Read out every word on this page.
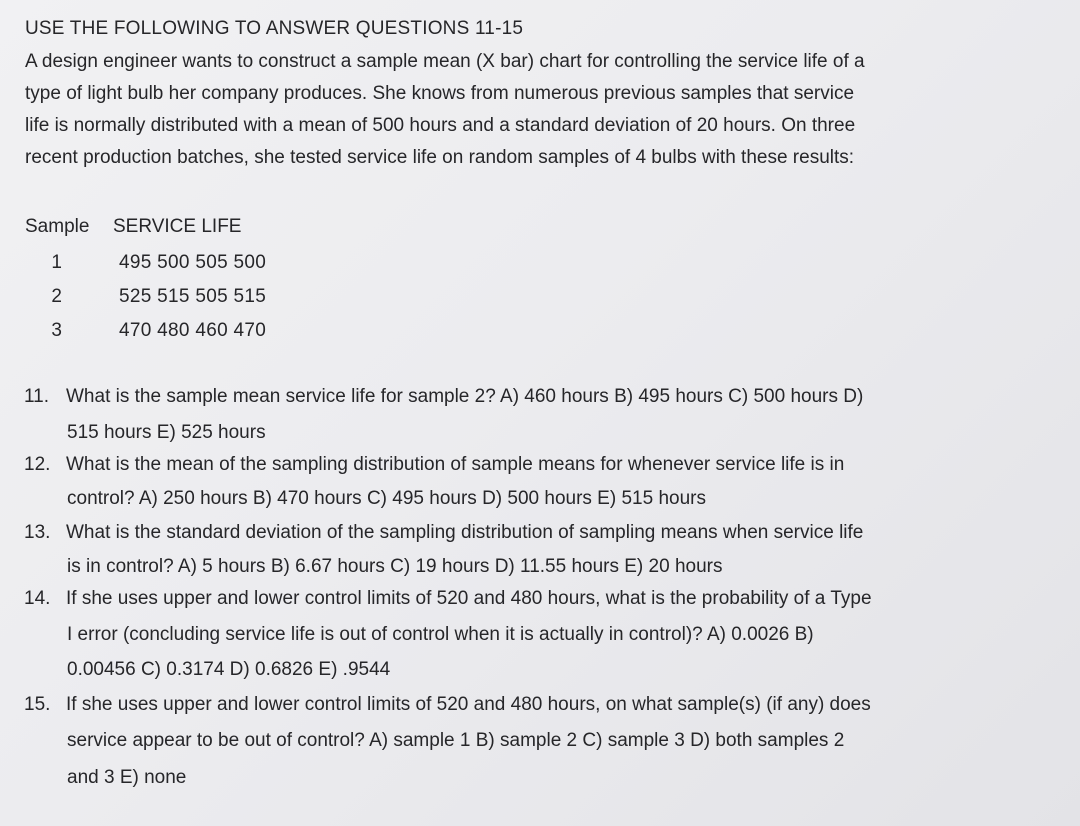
USE THE FOLLOWING TO ANSWER QUESTIONS 11-15
A design engineer wants to construct a sample mean (X bar) chart for controlling the service life of a
type of light bulb her company produces. She knows from numerous previous samples that service
life is normally distributed with a mean of 500 hours and a standard deviation of 20 hours. On three
recent production batches, she tested service life on random samples of 4 bulbs with these results:
Sample SERVICE LIFE
1	495 500 505 500
2	525 515 505 515
3	470 480 460 470
11. What is the sample mean service life for sample 2? A) 460 hours B) 495 hours C) 500 hours D)
515 hours E) 525 hours
12. What is the mean of the sampling distribution of sample means for whenever service life is in
control? A) 250 hours B) 470 hours C) 495 hours D) 500 hours E) 515 hours
13. What is the standard deviation of the sampling distribution of sampling means when service life
is in control? A) 5 hours B) 6.67 hours C) 19 hours D) 11.55 hours E) 20 hours
14. If she uses upper and lower control limits of 520 and 480 hours, what is the probability of a Type
I error (concluding service life is out of control when it is actually in control)? A) 0.0026 B)
0.00456 C) 0.3174 D) 0.6826 E) .9544
15. If she uses upper and lower control limits of 520 and 480 hours, on what sample(s) (if any) does
service appear to be out of control? A) sample 1 B) sample 2 C) sample 3 D) both samples 2
and 3 E) none
